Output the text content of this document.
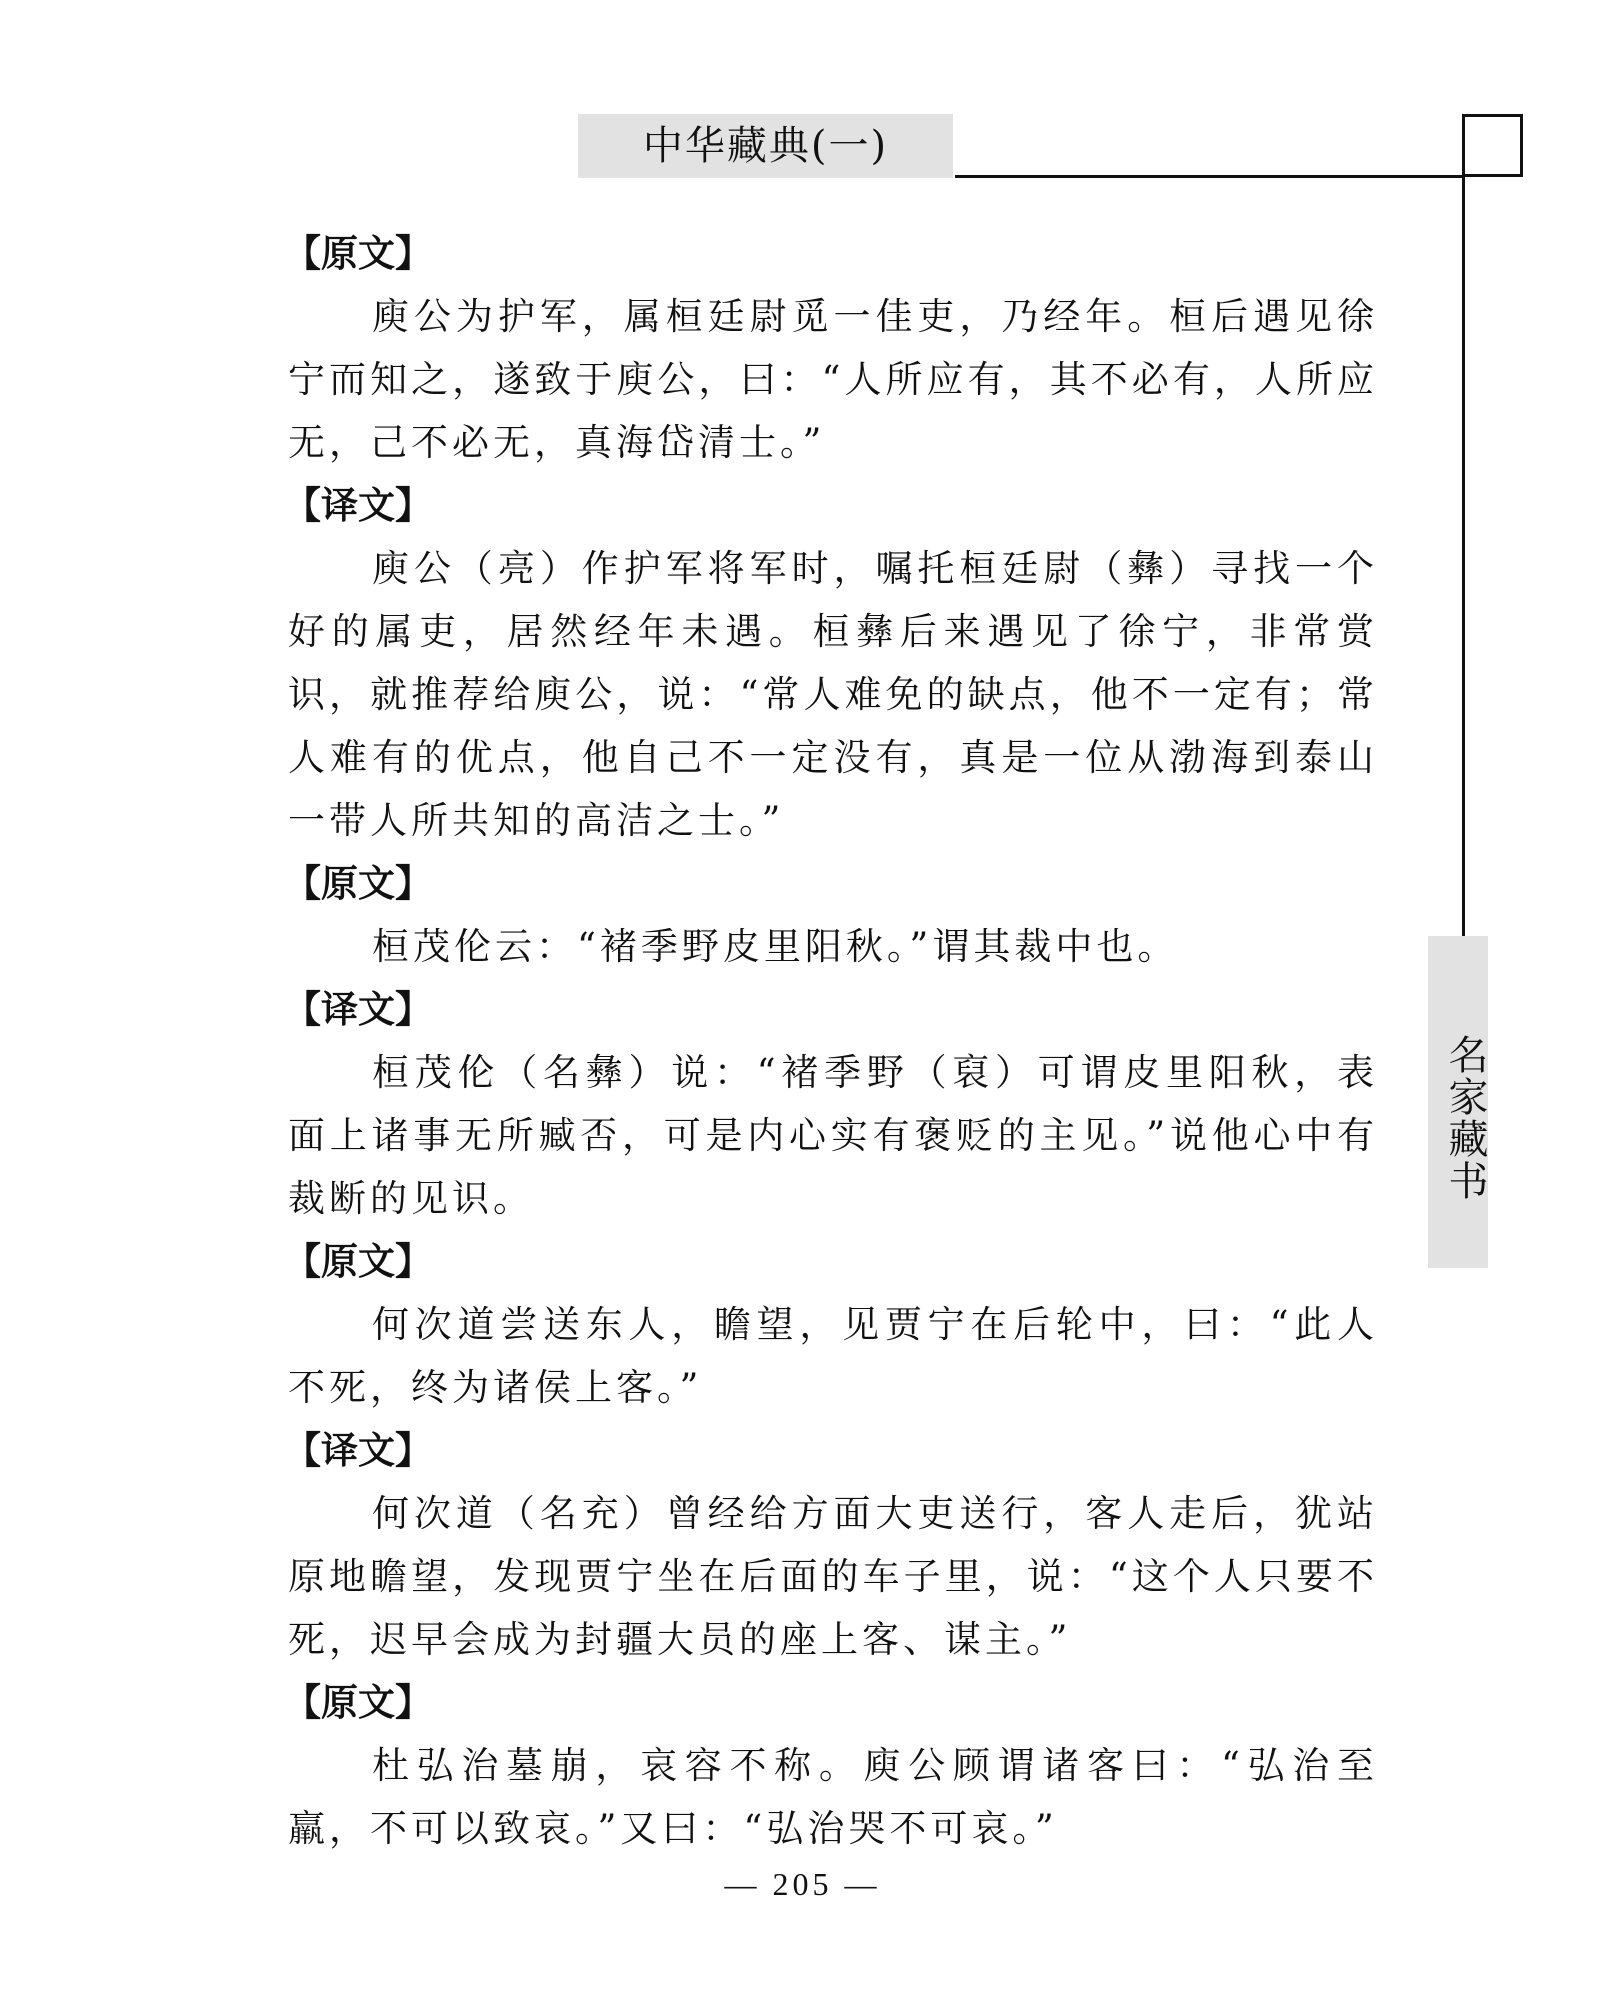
中华藏典(一)
名家藏书
【原文】

庾公为护军，属桓廷尉觅一佳吏，乃经年。桓后遇见徐宁而知之，遂致于庾公，曰：“人所应有，其不必有，人所应无，己不必无，真海岱清士。”

【译文】

庾公（亮）作护军将军时，嘱托桓廷尉（彝）寻找一个好的属吏，居然经年未遇。桓彝后来遇见了徐宁，非常赏识，就推荐给庾公，说：“常人难免的缺点，他不一定有；常人难有的优点，他自己不一定没有，真是一位从渤海到泰山一带人所共知的高洁之士。”

【原文】

桓茂伦云：“褚季野皮里阳秋。”谓其裁中也。

【译文】

桓茂伦（名彝）说：“褚季野（裒）可谓皮里阳秋，表面上诸事无所臧否，可是内心实有褒贬的主见。”说他心中有裁断的见识。

【原文】

何次道尝送东人，瞻望，见贾宁在后轮中，曰：“此人不死，终为诸侯上客。”

【译文】

何次道（名充）曾经给方面大吏送行，客人走后，犹站原地瞻望，发现贾宁坐在后面的车子里，说：“这个人只要不死，迟早会成为封疆大员的座上客、谋主。”

【原文】

杜弘治墓崩，哀容不称。庾公顾谓诸客曰：“弘治至羸，不可以致哀。”又曰：“弘治哭不可哀。”

— 205 —
